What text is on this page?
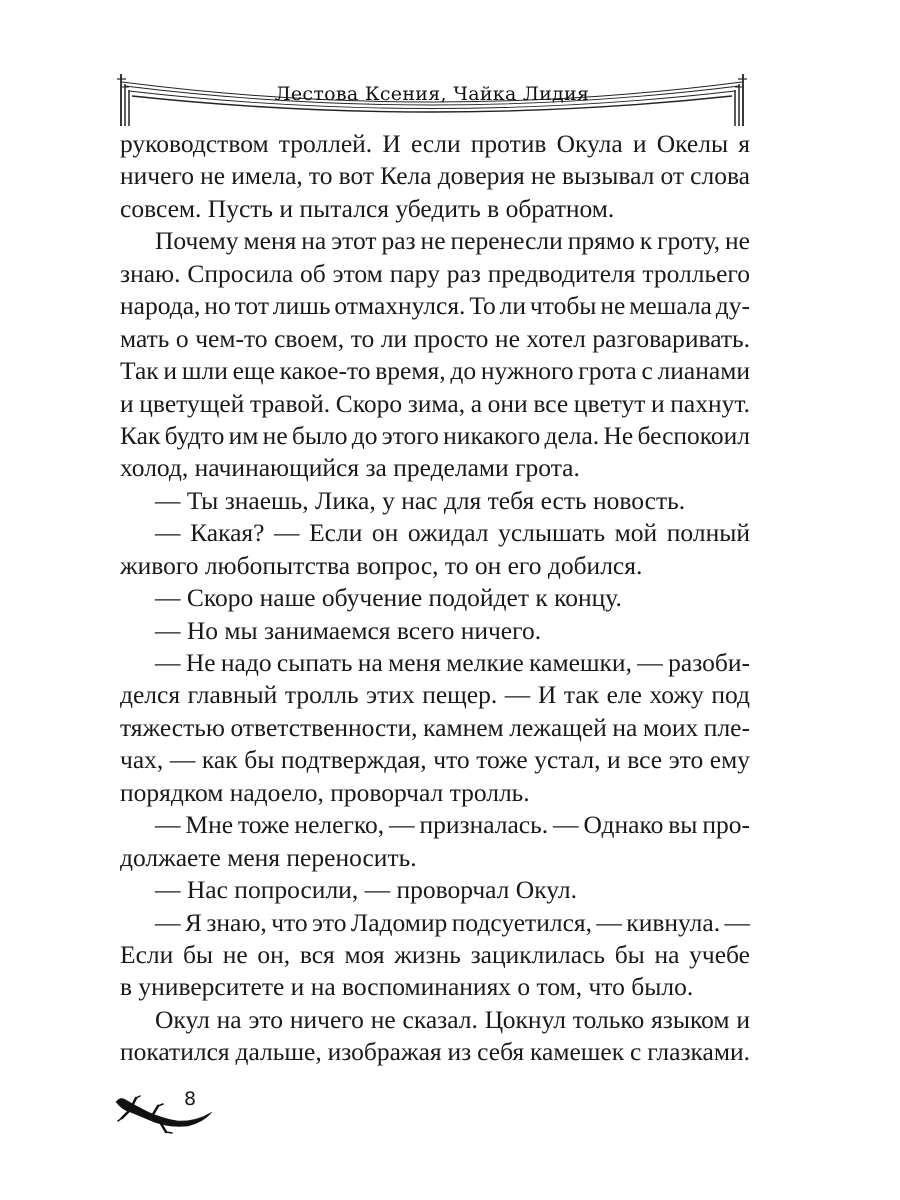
Лестова Ксения, Чайка Лидия
руководством троллей. И если против Окула и Окелы я
ничего не имела, то вот Кела доверия не вызывал от слова
совсем. Пусть и пытался убедить в обратном.
Почему меня на этот раз не перенесли прямо к гроту, не
знаю. Спросила об этом пару раз предводителя тролльего
народа, но тот лишь отмахнулся. То ли чтобы не мешала ду-
мать о чем-то своем, то ли просто не хотел разговаривать.
Так и шли еще какое-то время, до нужного грота с лианами
и цветущей травой. Скоро зима, а они все цветут и пахнут.
Как будто им не было до этого никакого дела. Не беспокоил
холод, начинающийся за пределами грота.
— Ты знаешь, Лика, у нас для тебя есть новость.
— Какая? — Если он ожидал услышать мой полный
живого любопытства вопрос, то он его добился.
— Скоро наше обучение подойдет к концу.
— Но мы занимаемся всего ничего.
— Не надо сыпать на меня мелкие камешки, — разоби-
делся главный тролль этих пещер. — И так еле хожу под
тяжестью ответственности, камнем лежащей на моих пле-
чах, — как бы подтверждая, что тоже устал, и все это ему
порядком надоело, проворчал тролль.
— Мне тоже нелегко, — призналась. — Однако вы про-
должаете меня переносить.
— Нас попросили, — проворчал Окул.
— Я знаю, что это Ладомир подсуетился, — кивнула. —
Если бы не он, вся моя жизнь зациклилась бы на учебе
в университете и на воспоминаниях о том, что было.
Окул на это ничего не сказал. Цокнул только языком и
покатился дальше, изображая из себя камешек с глазками.
8
